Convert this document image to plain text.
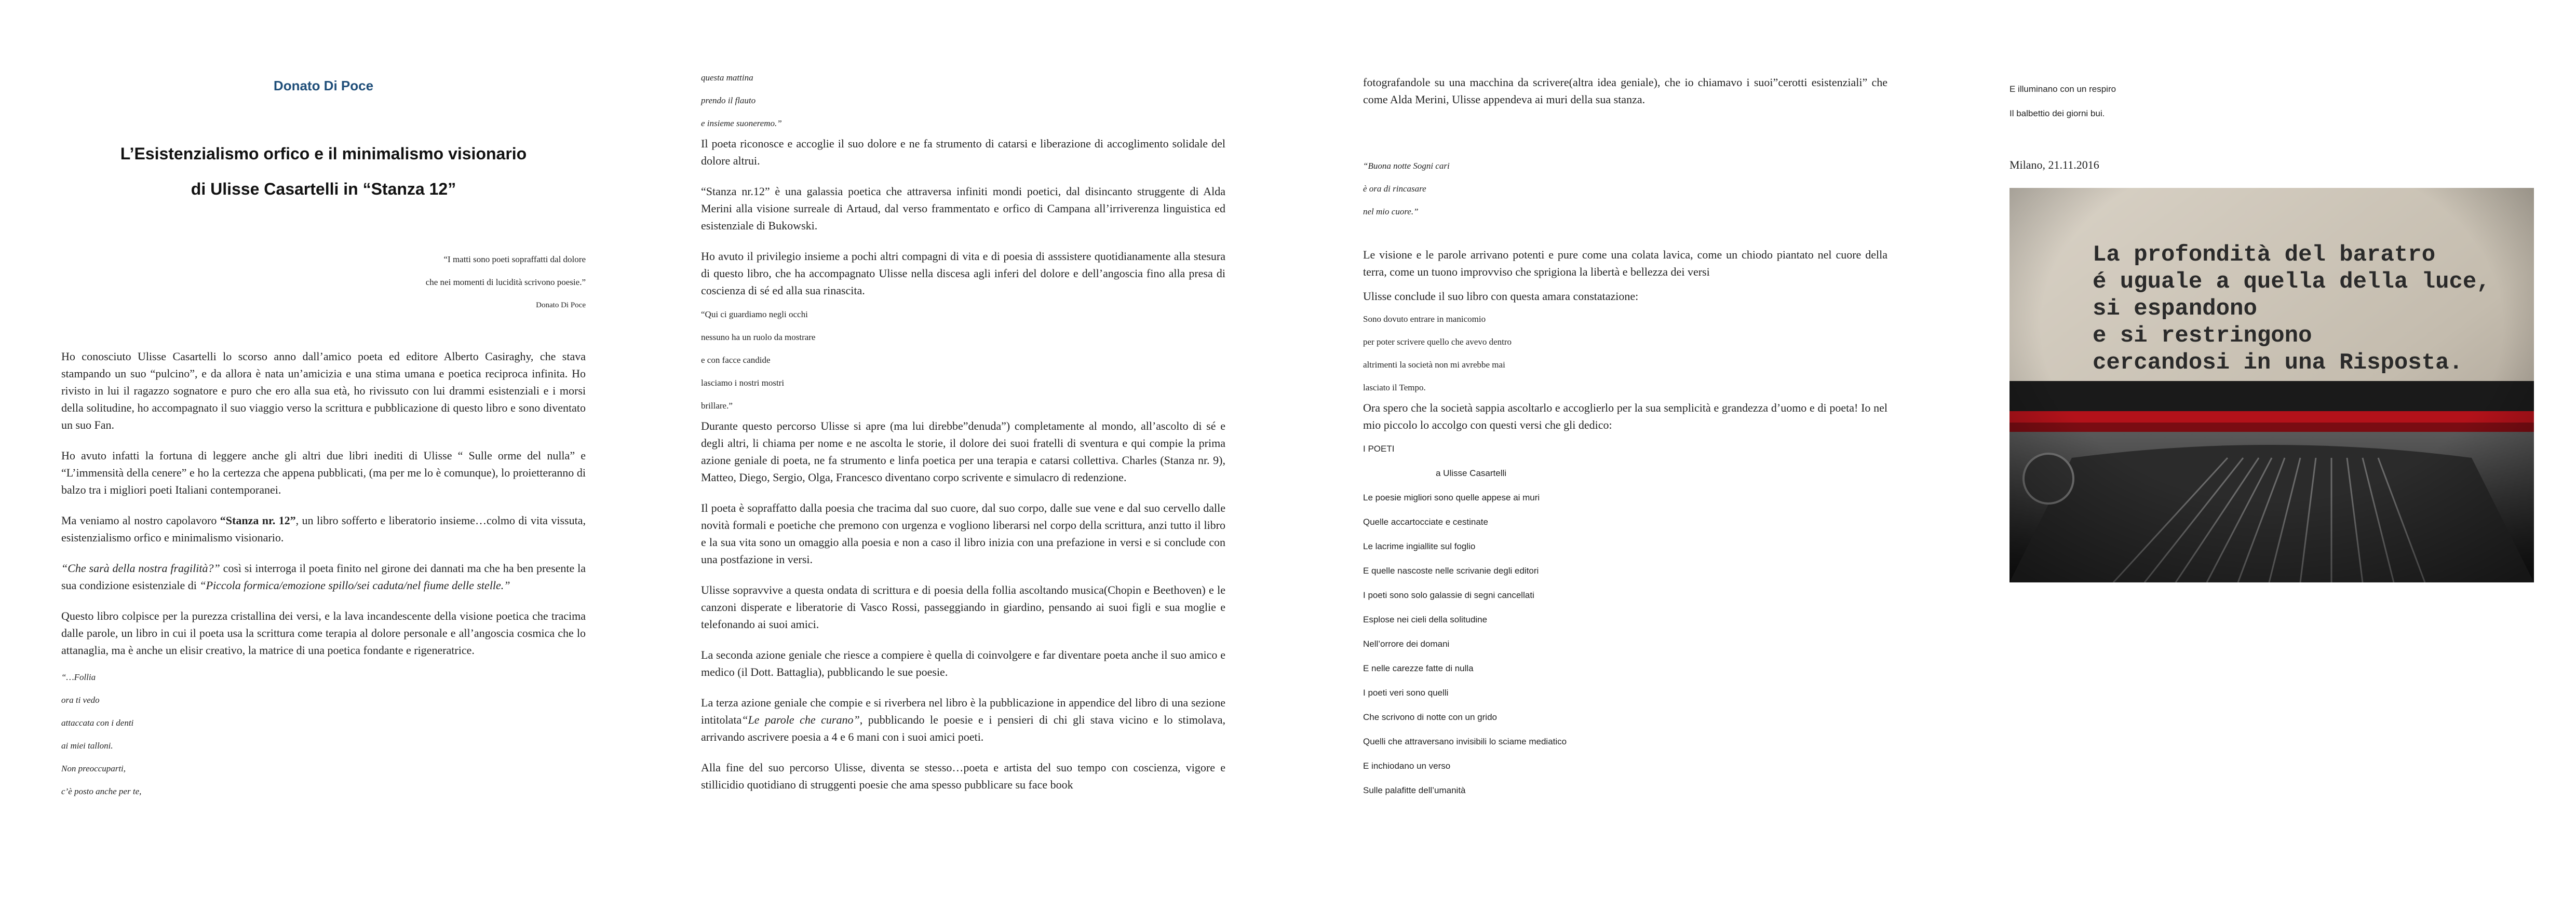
Donato Di Poce
L’Esistenzialismo orfico e il minimalismo visionario
di Ulisse Casartelli in “Stanza 12”
“I matti sono poeti sopraffatti dal dolore
che nei momenti di lucidità scrivono poesie.”
Donato Di Poce

Ho conosciuto Ulisse Casartelli lo scorso anno dall’amico poeta ed editore Alberto Casiraghy, che stava stampando un suo “pulcino”, e da allora è nata un’amicizia e una stima umana e poetica reciproca infinita. Ho rivisto in lui il ragazzo sognatore e puro che ero alla sua età, ho rivissuto con lui drammi esistenziali e i morsi della solitudine, ho accompagnato il suo viaggio verso la scrittura e pubblicazione di questo libro e sono diventato un suo Fan.

Ho avuto infatti la fortuna di leggere anche gli altri due libri inediti di Ulisse “ Sulle orme del nulla” e “L’immensità della cenere” e ho la certezza che appena pubblicati, (ma per me lo è comunque), lo proietteranno di balzo tra i migliori poeti Italiani contemporanei.

Ma veniamo al nostro capolavoro “Stanza nr. 12”, un libro sofferto e liberatorio insieme…colmo di vita vissuta, esistenzialismo orfico e minimalismo visionario.

“Che sarà della nostra fragilità?” così si interroga il poeta finito nel girone dei dannati ma che ha ben presente la sua condizione esistenziale di “Piccola formica/emozione spillo/sei caduta/nel fiume delle stelle.”

Questo libro colpisce per la purezza cristallina dei versi, e la lava incandescente della visione poetica che tracima dalle parole, un libro in cui il poeta usa la scrittura come terapia al dolore personale e all’angoscia cosmica che lo attanaglia, ma è anche un elisir creativo, la matrice di una poetica fondante e rigeneratrice.

“…Follia

ora ti vedo

attaccata con i denti

ai miei talloni.

Non preoccuparti,

c’è posto anche per te,

questa mattina

prendo il flauto

e insieme suoneremo.”

Il poeta riconosce e accoglie il suo dolore e ne fa strumento di catarsi e liberazione di accoglimento solidale del dolore altrui.

“Stanza nr.12” è una galassia poetica che attraversa infiniti mondi poetici, dal disincanto struggente di Alda Merini alla visione surreale di Artaud, dal verso frammentato e orfico di Campana all’irriverenza linguistica ed esistenziale di Bukowski.

Ho avuto il privilegio insieme a pochi altri compagni di vita e di poesia di asssistere quotidianamente alla stesura di questo libro, che ha accompagnato Ulisse nella discesa agli inferi del dolore e dell’angoscia fino alla presa di coscienza di sé ed alla sua rinascita.

“Qui ci guardiamo negli occhi

nessuno ha un ruolo da mostrare

e con facce candide

lasciamo i nostri mostri

brillare.”

Durante questo percorso Ulisse si apre (ma lui direbbe”denuda”) completamente al mondo, all’ascolto di sé e degli altri, li chiama per nome e ne ascolta le storie, il dolore dei suoi fratelli di sventura e qui compie la prima azione geniale di poeta, ne fa strumento e linfa poetica per una terapia e catarsi collettiva. Charles (Stanza nr. 9), Matteo, Diego, Sergio, Olga, Francesco diventano corpo scrivente e simulacro di redenzione.

Il poeta è sopraffatto dalla poesia che tracima dal suo cuore, dal suo corpo, dalle sue vene e dal suo cervello dalle novità formali e poetiche che premono con urgenza e vogliono liberarsi nel corpo della scrittura, anzi tutto il libro e la sua vita sono un omaggio alla poesia e non a caso il libro inizia con una prefazione in versi e si conclude con una postfazione in versi.

Ulisse sopravvive a questa ondata di scrittura e di poesia della follia ascoltando musica(Chopin e Beethoven) e le canzoni disperate e liberatorie di Vasco Rossi, passeggiando in giardino, pensando ai suoi figli e sua moglie e telefonando ai suoi amici.

La seconda azione geniale che riesce a compiere è quella di coinvolgere e far diventare poeta anche il suo amico e medico (il Dott. Battaglia), pubblicando le sue poesie.

La terza azione geniale che compie e si riverbera nel libro è la pubblicazione in appendice del libro di una sezione intitolata“Le parole che curano”, pubblicando le poesie e i pensieri di chi gli stava vicino e lo stimolava, arrivando ascrivere poesia a 4 e 6 mani con i suoi amici poeti.

Alla fine del suo percorso Ulisse, diventa se stesso…poeta e artista del suo tempo con coscienza, vigore e stillicidio quotidiano di struggenti poesie che ama spesso pubblicare su face book

fotografandole su una macchina da scrivere(altra idea geniale), che io chiamavo i suoi”cerotti esistenziali” che come Alda Merini, Ulisse appendeva ai muri della sua stanza.

“Buona notte Sogni cari

è ora di rincasare

nel mio cuore.”

Le visione e le parole arrivano potenti e pure come una colata lavica, come un chiodo piantato nel cuore della terra, come un tuono improvviso che sprigiona la libertà e bellezza dei versi

Ulisse conclude il suo libro con questa amara constatazione:

Sono dovuto entrare in manicomio

per poter scrivere quello che avevo dentro

altrimenti la società non mi avrebbe mai

lasciato il Tempo.

Ora spero che la società sappia ascoltarlo e accoglierlo per la sua semplicità e grandezza d’uomo e di poeta! Io nel mio piccolo lo accolgo con questi versi che gli dedico:

I POETI

a Ulisse Casartelli

Le poesie migliori sono quelle appese ai muri

Quelle accartocciate e cestinate

Le lacrime ingiallite sul foglio

E quelle nascoste nelle scrivanie degli editori

I poeti sono solo galassie di segni cancellati

Esplose nei cieli della solitudine

Nell’orrore dei domani

E nelle carezze fatte di nulla

I poeti veri sono quelli

Che scrivono di notte con un grido

Quelli che attraversano invisibili lo sciame mediatico

E inchiodano un verso

Sulle palafitte dell’umanità

E illuminano con un respiro

Il balbettio dei giorni bui.

Milano, 21.11.2016
